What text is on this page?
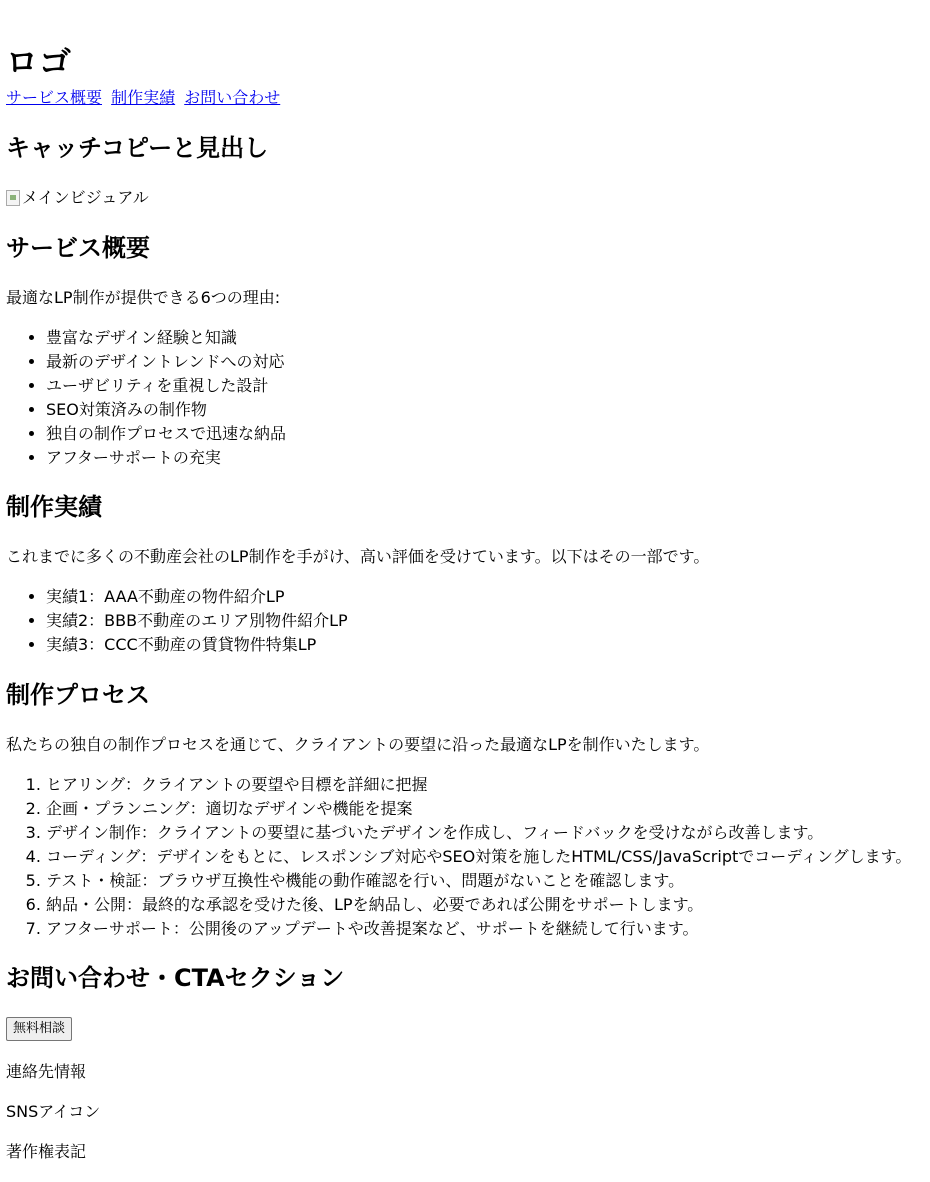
ロゴ
サービス概要 制作実績 お問い合わせ
キャッチコピーと見出し
メインビジュアル
サービス概要

最適なLP制作が提供できる6つの理由:

• 豊富なデザイン経験と知識
• 最新のデザイントレンドへの対応
• ユーザビリティを重視した設計
• SEO対策済みの制作物
• 独自の制作プロセスで迅速な納品
• アフターサポートの充実
制作実績

これまでに多くの不動産会社のLP制作を手がけ、高い評価を受けています。以下はその一部です。

• 実績1：AAA不動産の物件紹介LP
• 実績2：BBB不動産のエリア別物件紹介LP
• 実績3：CCC不動産の賃貸物件特集LP
制作プロセス

私たちの独自の制作プロセスを通じて、クライアントの要望に沿った最適なLPを制作いたします。

1. ヒアリング：クライアントの要望や目標を詳細に把握
2. 企画・プランニング：適切なデザインや機能を提案
3. デザイン制作：クライアントの要望に基づいたデザインを作成し、フィードバックを受けながら改善します。
4. コーディング：デザインをもとに、レスポンシブ対応やSEO対策を施したHTML/CSS/JavaScriptでコーディングします。
5. テスト・検証：ブラウザ互換性や機能の動作確認を行い、問題がないことを確認します。
6. 納品・公開：最終的な承認を受けた後、LPを納品し、必要であれば公開をサポートします。
7. アフターサポート：公開後のアップデートや改善提案など、サポートを継続して行います。
お問い合わせ・CTAセクション
無料相談

連絡先情報

SNSアイコン

著作権表記
